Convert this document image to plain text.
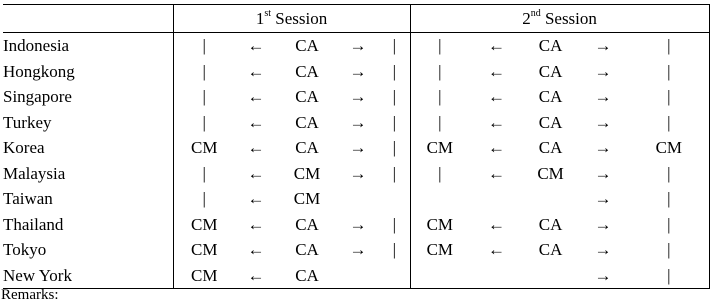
	1st Session					2nd Session				
Indonesia	|	←	CA	→	|	|	←	CA	→	|
Hongkong	|	←	CA	→	|	|	←	CA	→	|
Singapore	|	←	CA	→	|	|	←	CA	→	|
Turkey	|	←	CA	→	|	|	←	CA	→	|
Korea	CM	←	CA	→	|	CM	←	CA	→	CM
Malaysia	|	←	CM	→	|	|	←	CM	→	|
Taiwan	|	←	CM						→	|
Thailand	CM	←	CA	→	|	CM	←	CA	→	|
Tokyo	CM	←	CA	→	|	CM	←	CA	→	|
New York	CM	←	CA						→	|
Remarks:
